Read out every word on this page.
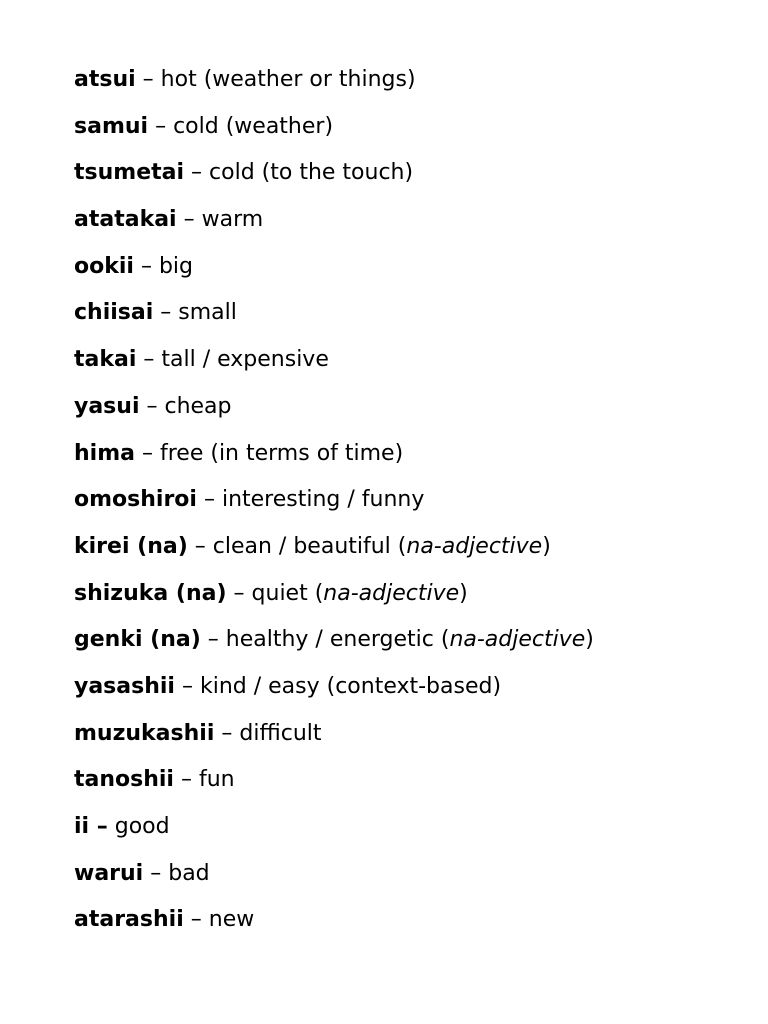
atsui – hot (weather or things)
samui – cold (weather)
tsumetai – cold (to the touch)
atatakai – warm
ookii – big
chiisai – small
takai – tall / expensive
yasui – cheap
hima – free (in terms of time)
omoshiroi – interesting / funny
kirei (na) – clean / beautiful (na-adjective)
shizuka (na) – quiet (na-adjective)
genki (na) – healthy / energetic (na-adjective)
yasashii – kind / easy (context-based)
muzukashii – difficult
tanoshii – fun
ii – good
warui – bad
atarashii – new
